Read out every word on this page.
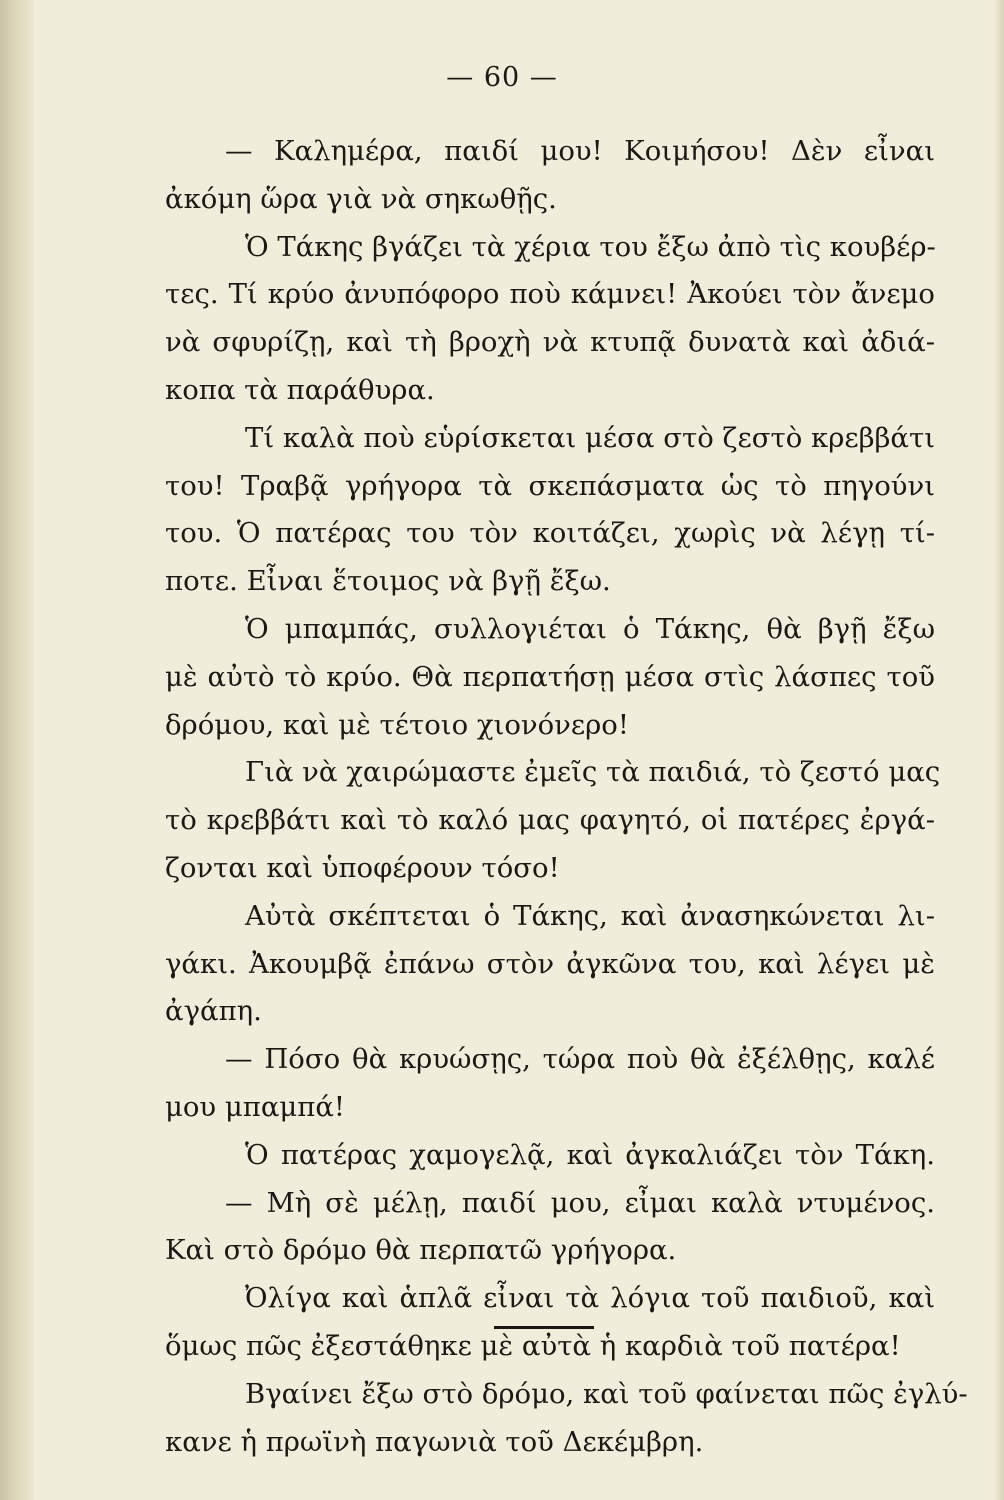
— 60 —
— Καλημέρα, παιδί μου! Κοιμήσου! Δὲν εἶναι
ἀκόμη ὥρα γιὰ νὰ σηκωθῇς.
Ὁ Τάκης βγάζει τὰ χέρια του ἔξω ἀπὸ τὶς κουβέρ-
τες. Τί κρύο ἀνυπόφορο ποὺ κάμνει! Ἀκούει τὸν ἄνεμο
νὰ σφυρίζῃ, καὶ τὴ βροχὴ νὰ κτυπᾷ δυνατὰ καὶ ἀδιά-
κοπα τὰ παράθυρα.
Τί καλὰ ποὺ εὑρίσκεται μέσα στὸ ζεστὸ κρεββάτι
του! Τραβᾷ γρήγορα τὰ σκεπάσματα ὡς τὸ πηγούνι
του. Ὁ πατέρας του τὸν κοιτάζει, χωρὶς νὰ λέγῃ τί-
ποτε. Εἶναι ἕτοιμος νὰ βγῇ ἔξω.
Ὁ μπαμπάς, συλλογιέται ὁ Τάκης, θὰ βγῇ ἔξω
μὲ αὐτὸ τὸ κρύο. Θὰ περπατήσῃ μέσα στὶς λάσπες τοῦ
δρόμου, καὶ μὲ τέτοιο χιονόνερο!
Γιὰ νὰ χαιρώμαστε ἐμεῖς τὰ παιδιά, τὸ ζεστό μας
τὸ κρεββάτι καὶ τὸ καλό μας φαγητό, οἱ πατέρες ἐργά-
ζονται καὶ ὑποφέρουν τόσο!
Αὐτὰ σκέπτεται ὁ Τάκης, καὶ ἀνασηκώνεται λι-
γάκι. Ἀκουμβᾷ ἐπάνω στὸν ἀγκῶνα του, καὶ λέγει μὲ
ἀγάπη.
— Πόσο θὰ κρυώσῃς, τώρα ποὺ θὰ ἐξέλθῃς, καλέ
μου μπαμπά!
Ὁ πατέρας χαμογελᾷ, καὶ ἀγκαλιάζει τὸν Τάκη.
— Μὴ σὲ μέλῃ, παιδί μου, εἶμαι καλὰ ντυμένος.
Καὶ στὸ δρόμο θὰ περπατῶ γρήγορα.
Ὀλίγα καὶ ἁπλᾶ εἶναι τὰ λόγια τοῦ παιδιοῦ, καὶ
ὅμως πῶς ἐξεστάθηκε μὲ αὐτὰ ἡ καρδιὰ τοῦ πατέρα!
Βγαίνει ἔξω στὸ δρόμο, καὶ τοῦ φαίνεται πῶς ἐγλύ-
κανε ἡ πρωϊνὴ παγωνιὰ τοῦ Δεκέμβρη.
